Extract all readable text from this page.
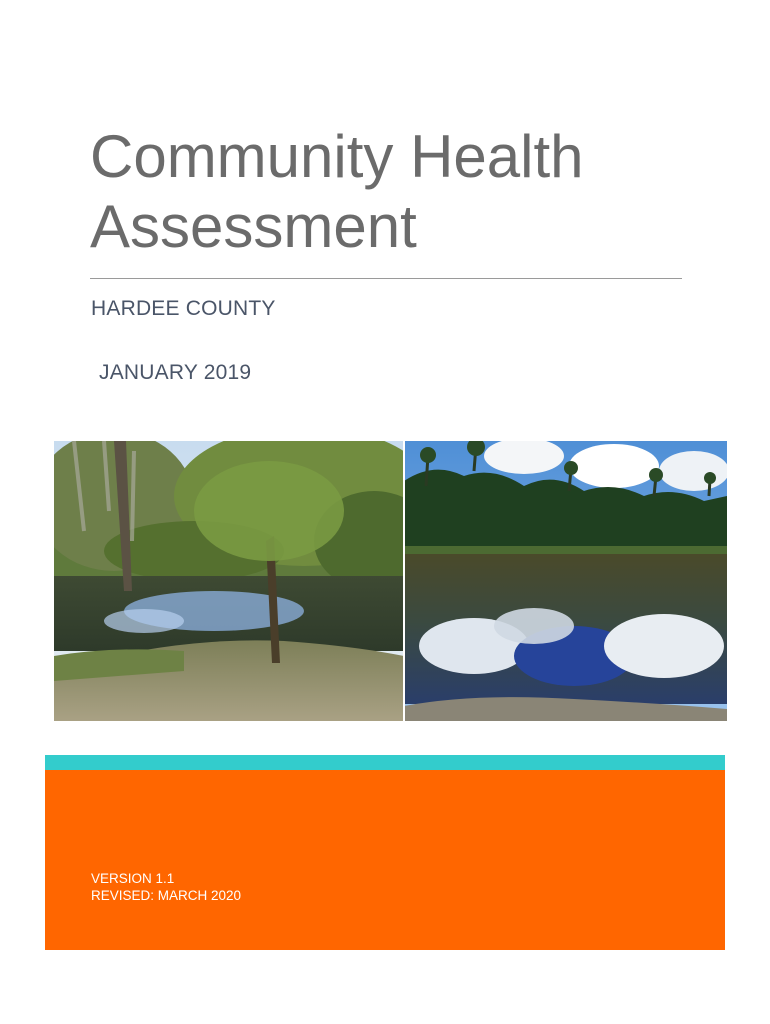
Community Health
Assessment
HARDEE COUNTY
JANUARY 2019
VERSION 1.1
REVISED: MARCH 2020
